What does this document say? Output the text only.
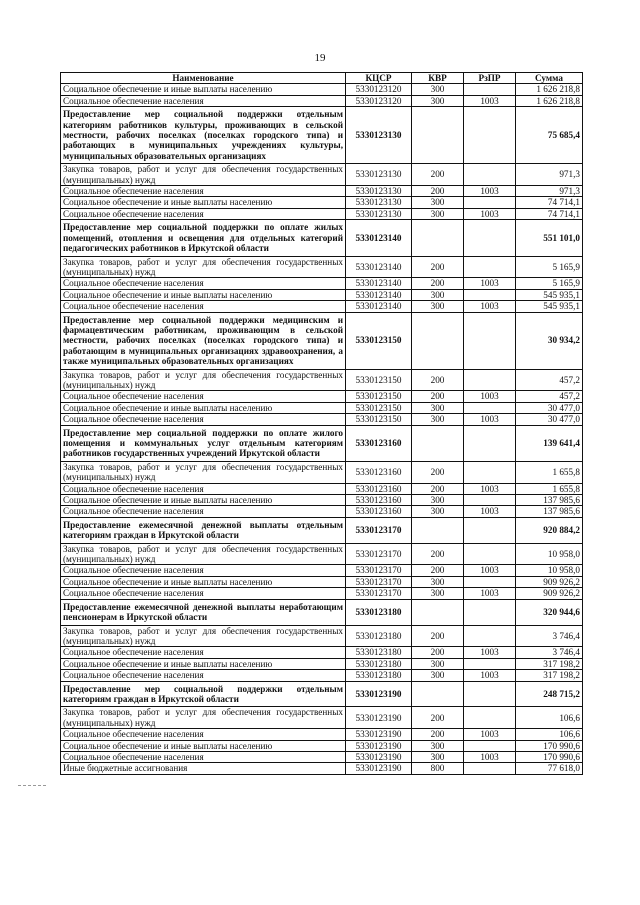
19
Наименование	КЦСР	КВР	РзПР	Сумма
Социальное обеспечение и иные выплаты населению	5330123120	300		1 626 218,8
Социальное обеспечение населения	5330123120	300	1003	1 626 218,8
Предоставление мер социальной поддержки отдельным категориям работников культуры, проживающих в сельской местности, рабочих поселках (поселках городского типа) и работающих в муниципальных учреждениях культуры, муниципальных образовательных организациях	5330123130			75 685,4
Закупка товаров, работ и услуг для обеспечения государственных (муниципальных) нужд	5330123130	200		971,3
Социальное обеспечение населения	5330123130	200	1003	971,3
Социальное обеспечение и иные выплаты населению	5330123130	300		74 714,1
Социальное обеспечение населения	5330123130	300	1003	74 714,1
Предоставление мер социальной поддержки по оплате жилых помещений, отопления и освещения для отдельных категорий педагогических работников в Иркутской области	5330123140			551 101,0
Закупка товаров, работ и услуг для обеспечения государственных (муниципальных) нужд	5330123140	200		5 165,9
Социальное обеспечение населения	5330123140	200	1003	5 165,9
Социальное обеспечение и иные выплаты населению	5330123140	300		545 935,1
Социальное обеспечение населения	5330123140	300	1003	545 935,1
Предоставление мер социальной поддержки медицинским и фармацевтическим работникам, проживающим в сельской местности, рабочих поселках (поселках городского типа) и работающим в муниципальных организациях здравоохранения, а также муниципальных образовательных организациях	5330123150			30 934,2
Закупка товаров, работ и услуг для обеспечения государственных (муниципальных) нужд	5330123150	200		457,2
Социальное обеспечение населения	5330123150	200	1003	457,2
Социальное обеспечение и иные выплаты населению	5330123150	300		30 477,0
Социальное обеспечение населения	5330123150	300	1003	30 477,0
Предоставление мер социальной поддержки по оплате жилого помещения и коммунальных услуг отдельным категориям работников государственных учреждений Иркутской области	5330123160			139 641,4
Закупка товаров, работ и услуг для обеспечения государственных (муниципальных) нужд	5330123160	200		1 655,8
Социальное обеспечение населения	5330123160	200	1003	1 655,8
Социальное обеспечение и иные выплаты населению	5330123160	300		137 985,6
Социальное обеспечение населения	5330123160	300	1003	137 985,6
Предоставление ежемесячной денежной выплаты отдельным категориям граждан в Иркутской области	5330123170			920 884,2
Закупка товаров, работ и услуг для обеспечения государственных (муниципальных) нужд	5330123170	200		10 958,0
Социальное обеспечение населения	5330123170	200	1003	10 958,0
Социальное обеспечение и иные выплаты населению	5330123170	300		909 926,2
Социальное обеспечение населения	5330123170	300	1003	909 926,2
Предоставление ежемесячной денежной выплаты неработающим пенсионерам в Иркутской области	5330123180			320 944,6
Закупка товаров, работ и услуг для обеспечения государственных (муниципальных) нужд	5330123180	200		3 746,4
Социальное обеспечение населения	5330123180	200	1003	3 746,4
Социальное обеспечение и иные выплаты населению	5330123180	300		317 198,2
Социальное обеспечение населения	5330123180	300	1003	317 198,2
Предоставление мер социальной поддержки отдельным категориям граждан в Иркутской области	5330123190			248 715,2
Закупка товаров, работ и услуг для обеспечения государственных (муниципальных) нужд	5330123190	200		106,6
Социальное обеспечение населения	5330123190	200	1003	106,6
Социальное обеспечение и иные выплаты населению	5330123190	300		170 990,6
Социальное обеспечение населения	5330123190	300	1003	170 990,6
Иные бюджетные ассигнования	5330123190	800		77 618,0
